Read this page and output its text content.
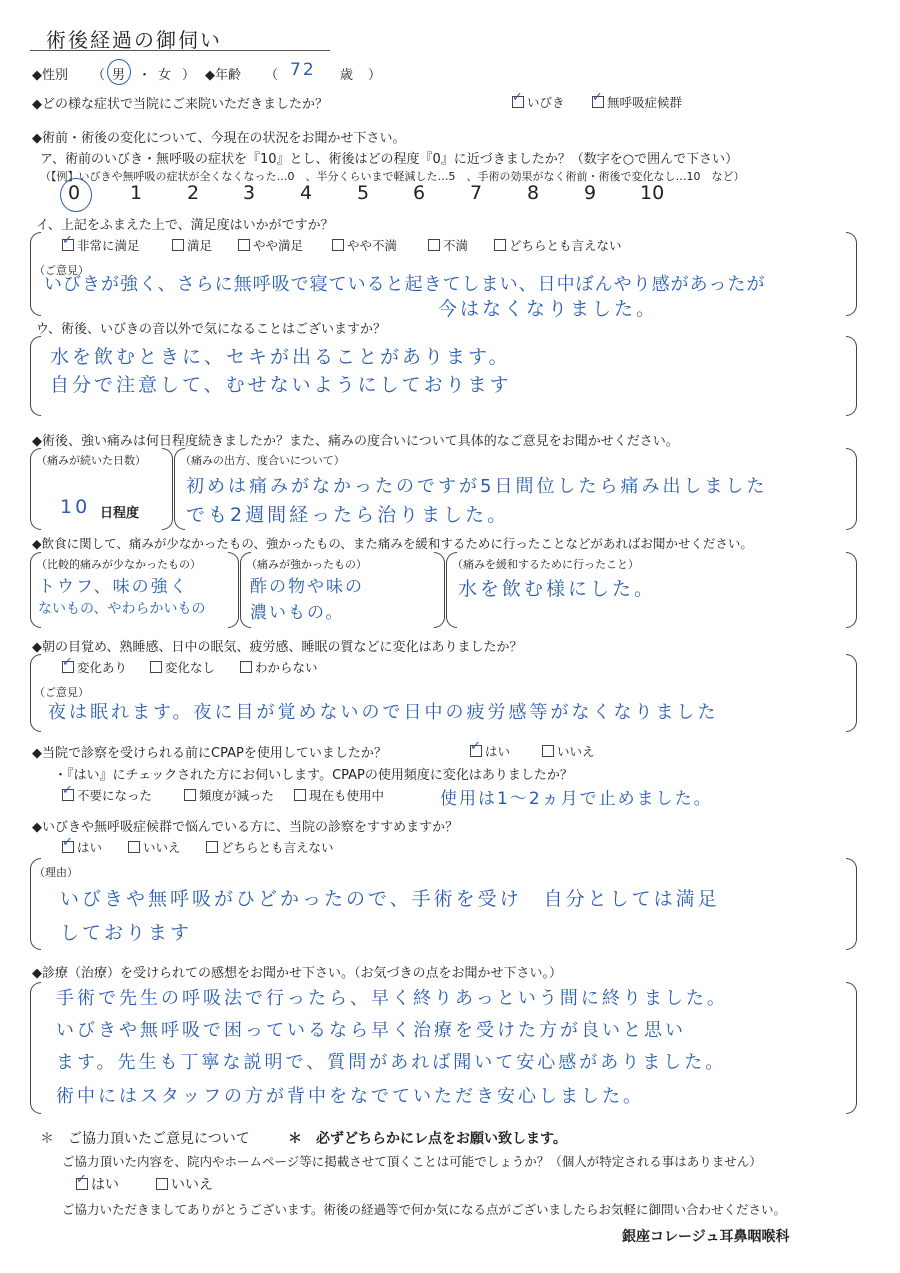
術後経過の御伺い
◆性別 （ 男 ・ 女 ） ◆年齢 （ 72 歳 ）
◆どの様な症状で当院にご来院いただきましたか？ ✓	いびき ✓	無呼吸症候群
◆術前・術後の変化について、今現在の状況をお聞かせ下さい。
ア、術前のいびき・無呼吸の症状を『10』とし、術後はどの程度『0』に近づきましたか？（数字を○で囲んで下さい）
（【例】いびきや無呼吸の症状が全くなくなった…0　、半分くらいまで軽減した…5　、手術の効果がなく術前・術後で変化なし…10　など）
0	1 2 3 4 5 6 7 8 9 10
イ、上記をふまえた上で、満足度はいかがですか？
✓非常に満足	満足	やや満足	やや不満	不満	どちらとも言えない
（ご意見）
いびきが強く、さらに無呼吸で寝ていると起きてしまい、日中ぼんやり感があったが
今はなくなりました。
ウ、術後、いびきの音以外で気になることはございますか？
水を飲むときに、セキが出ることがあります。
自分で注意して、むせないようにしております
◆術後、強い痛みは何日程度続きましたか？また、痛みの度合いについて具体的なご意見をお聞かせください。
（痛みが続いた日数）
10 日程度
（痛みの出方、度合いについて）
初めは痛みがなかったのですが5日間位したら痛み出しました
でも2週間経ったら治りました。
◆飲食に関して、痛みが少なかったもの、強かったもの、また痛みを緩和するために行ったことなどがあればお聞かせください。
（比較的痛みが少なかったもの）
トウフ、味の強く
ないもの、やわらかいもの
（痛みが強かったもの）
酢の物や味の
濃いもの。
（痛みを緩和するために行ったこと）
水を飲む様にした。
◆朝の目覚め、熟睡感、日中の眠気、疲労感、睡眠の質などに変化はありましたか？
✓変化あり	変化なし	わからない
（ご意見）
夜は眠れます。夜に目が覚めないので日中の疲労感等がなくなりました
◆当院で診察を受けられる前にCPAPを使用していましたか？ ✓	はい	いいえ
・『はい』にチェックされた方にお伺いします。CPAPの使用頻度に変化はありましたか？
✓不要になった	頻度が減った	現在も使用中	使用は1〜2ヵ月で止めました。
◆いびきや無呼吸症候群で悩んでいる方に、当院の診察をすすめますか？
✓はい	いいえ	どちらとも言えない
（理由）
いびきや無呼吸がひどかったので、手術を受け　自分としては満足
しております
◆診療（治療）を受けられての感想をお聞かせ下さい。（お気づきの点をお聞かせ下さい。）
手術で先生の呼吸法で行ったら、早く終りあっという間に終りました。
いびきや無呼吸で困っているなら早く治療を受けた方が良いと思い
ます。先生も丁寧な説明で、質問があれば聞いて安心感がありました。
術中にはスタッフの方が背中をなでていただき安心しました。
＊　ご協力頂いたご意見について	＊　必ずどちらかにレ点をお願い致します。
ご協力頂いた内容を、院内やホームページ等に掲載させて頂くことは可能でしょうか？（個人が特定される事はありません）
✓はい	いいえ
ご協力いただきましてありがとうございます。術後の経過等で何か気になる点がございましたらお気軽に御問い合わせください。
銀座コレージュ耳鼻咽喉科
